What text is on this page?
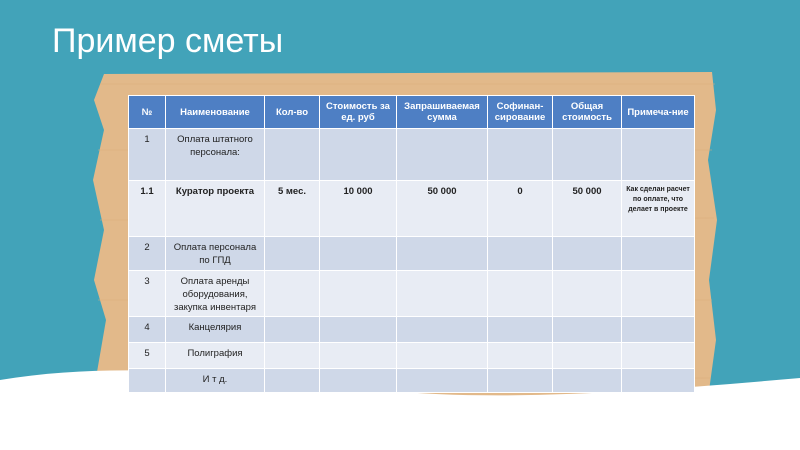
Пример сметы
№	Наименование	Кол-во	Стоимость за ед. руб	Запрашиваемая сумма	Софинан-сирование	Общая стоимость	Примеча-ние
1	Оплата штатного персонала:						
1.1	Куратор проекта	5 мес.	10 000	50 000	0	50 000	Как сделан расчет по оплате, что делает в проекте
2	Оплата персонала по ГПД						
3	Оплата аренды оборудования, закупка инвентаря						
4	Канцелярия						
5	Полиграфия						
	И т д.						
